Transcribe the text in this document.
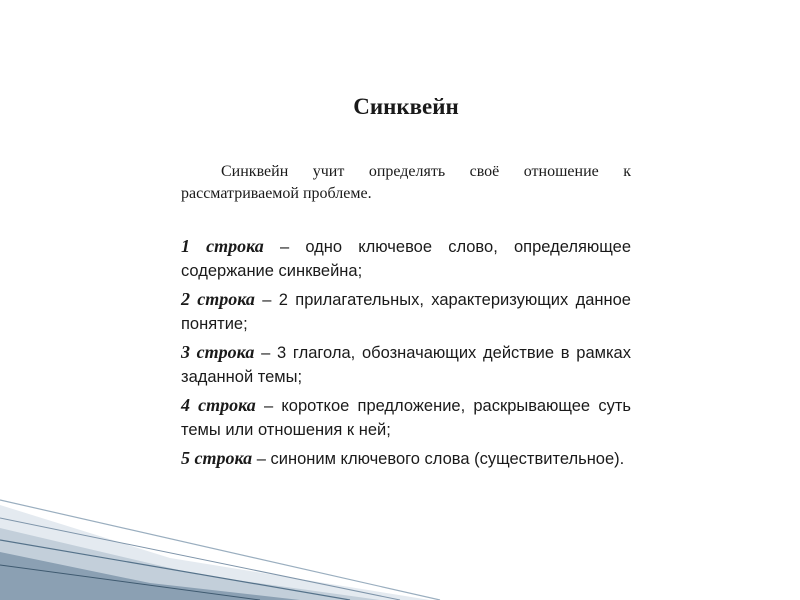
Синквейн

Синквейн учит определять своё отношение к рассматриваемой проблеме.

1 строка – одно ключевое слово, определяющее содержание синквейна;
2 строка – 2 прилагательных, характеризующих данное понятие;
3 строка – 3 глагола, обозначающих действие в рамках заданной темы;
4 строка – короткое предложение, раскрывающее суть темы или отношения к ней;
5 строка – синоним ключевого слова (существительное).
